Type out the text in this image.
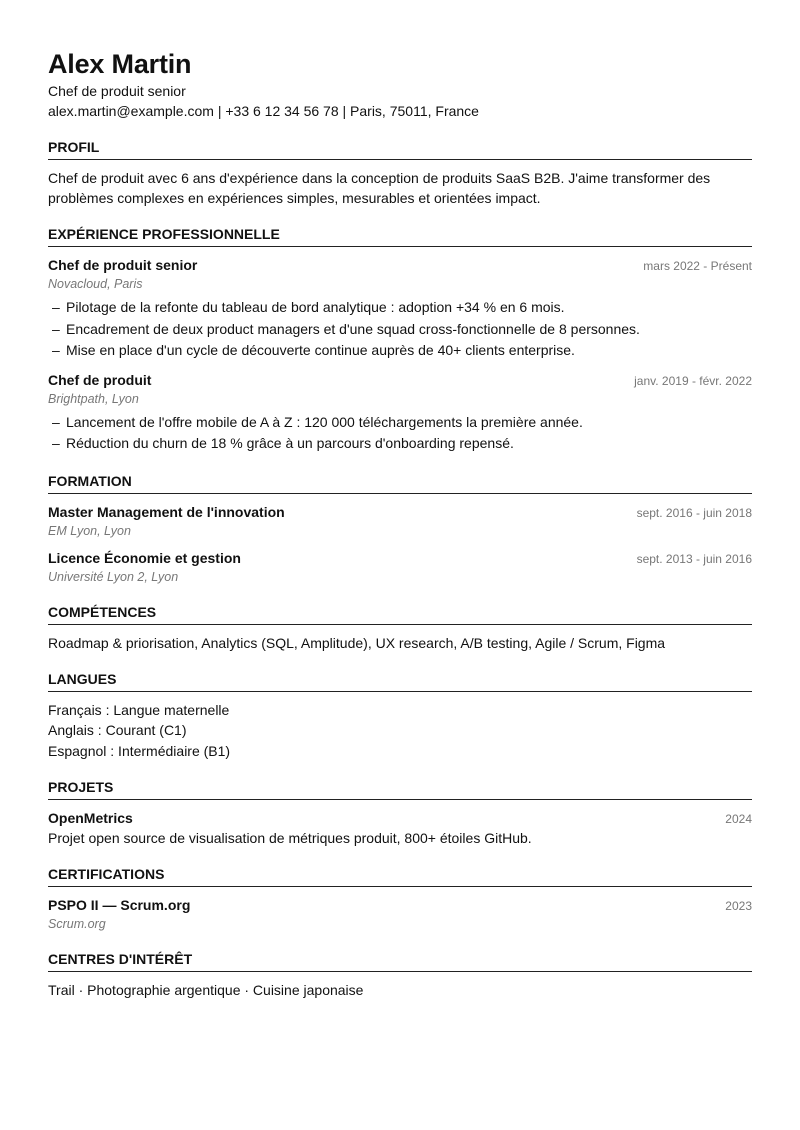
Alex Martin
Chef de produit senior
alex.martin@example.com | +33 6 12 34 56 78 | Paris, 75011, France
PROFIL
Chef de produit avec 6 ans d'expérience dans la conception de produits SaaS B2B. J'aime transformer des problèmes complexes en expériences simples, mesurables et orientées impact.
EXPÉRIENCE PROFESSIONNELLE
Chef de produit senior	mars 2022 - Présent
Novacloud, Paris
– Pilotage de la refonte du tableau de bord analytique : adoption +34 % en 6 mois.
– Encadrement de deux product managers et d'une squad cross-fonctionnelle de 8 personnes.
– Mise en place d'un cycle de découverte continue auprès de 40+ clients enterprise.
Chef de produit	janv. 2019 - févr. 2022
Brightpath, Lyon
– Lancement de l'offre mobile de A à Z : 120 000 téléchargements la première année.
– Réduction du churn de 18 % grâce à un parcours d'onboarding repensé.
FORMATION
Master Management de l'innovation	sept. 2016 - juin 2018
EM Lyon, Lyon
Licence Économie et gestion	sept. 2013 - juin 2016
Université Lyon 2, Lyon
COMPÉTENCES
Roadmap & priorisation, Analytics (SQL, Amplitude), UX research, A/B testing, Agile / Scrum, Figma
LANGUES
Français : Langue maternelle
Anglais : Courant (C1)
Espagnol : Intermédiaire (B1)
PROJETS
OpenMetrics	2024
Projet open source de visualisation de métriques produit, 800+ étoiles GitHub.
CERTIFICATIONS
PSPO II — Scrum.org	2023
Scrum.org
CENTRES D'INTÉRÊT
Trail · Photographie argentique · Cuisine japonaise
